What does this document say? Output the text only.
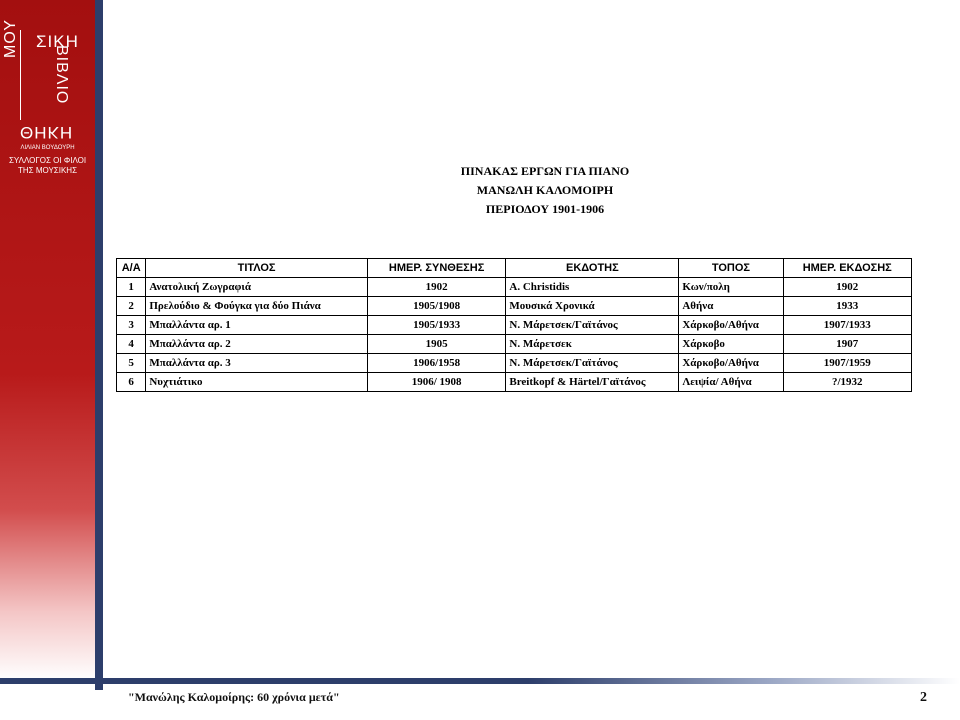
ΜΟΥ ΣΙΚΗ
ΒΙΒΛΙΟ
ΘΗΚΗ
ΛΙΛΙΑΝ ΒΟΥΔΟΥΡΗ
ΣΥΛΛΟΓΟΣ ΟΙ ΦΙΛΟΙ
ΤΗΣ ΜΟΥΣΙΚΗΣ	ΠΙΝΑΚΑΣ ΕΡΓΩΝ ΓΙΑ ΠΙΑΝΟ
ΜΑΝΩΛΗ ΚΑΛΟΜΟΙΡΗ
ΠΕΡΙΟΔΟΥ 1901-1906
Α/Α	ΤΙΤΛΟΣ	ΗΜΕΡ. ΣΥΝΘΕΣΗΣ	ΕΚΔΟΤΗΣ	ΤΟΠΟΣ	ΗΜΕΡ. ΕΚΔΟΣΗΣ
1	Ανατολική Ζωγραφιά	1902	A. Christidis	Κων/πολη	1902
2	Πρελούδιο & Φούγκα για δύο Πιάνα	1905/1908	Μουσικά Χρονικά	Αθήνα	1933
3	Μπαλλάντα αρ. 1	1905/1933	Ν. Μάρετσεκ/Γαϊτάνος	Χάρκοβο/Αθήνα	1907/1933
4	Μπαλλάντα αρ. 2	1905	Ν. Μάρετσεκ	Χάρκοβο	1907
5	Μπαλλάντα αρ. 3	1906/1958	Ν. Μάρετσεκ/Γαϊτάνος	Χάρκοβο/Αθήνα	1907/1959
6	Νυχτιάτικο	1906/ 1908	Breitkopf & Härtel/Γαϊτάνος	Λειψία/ Αθήνα	?/1932
"Μανώλης Καλομοίρης: 60 χρόνια μετά"	2
